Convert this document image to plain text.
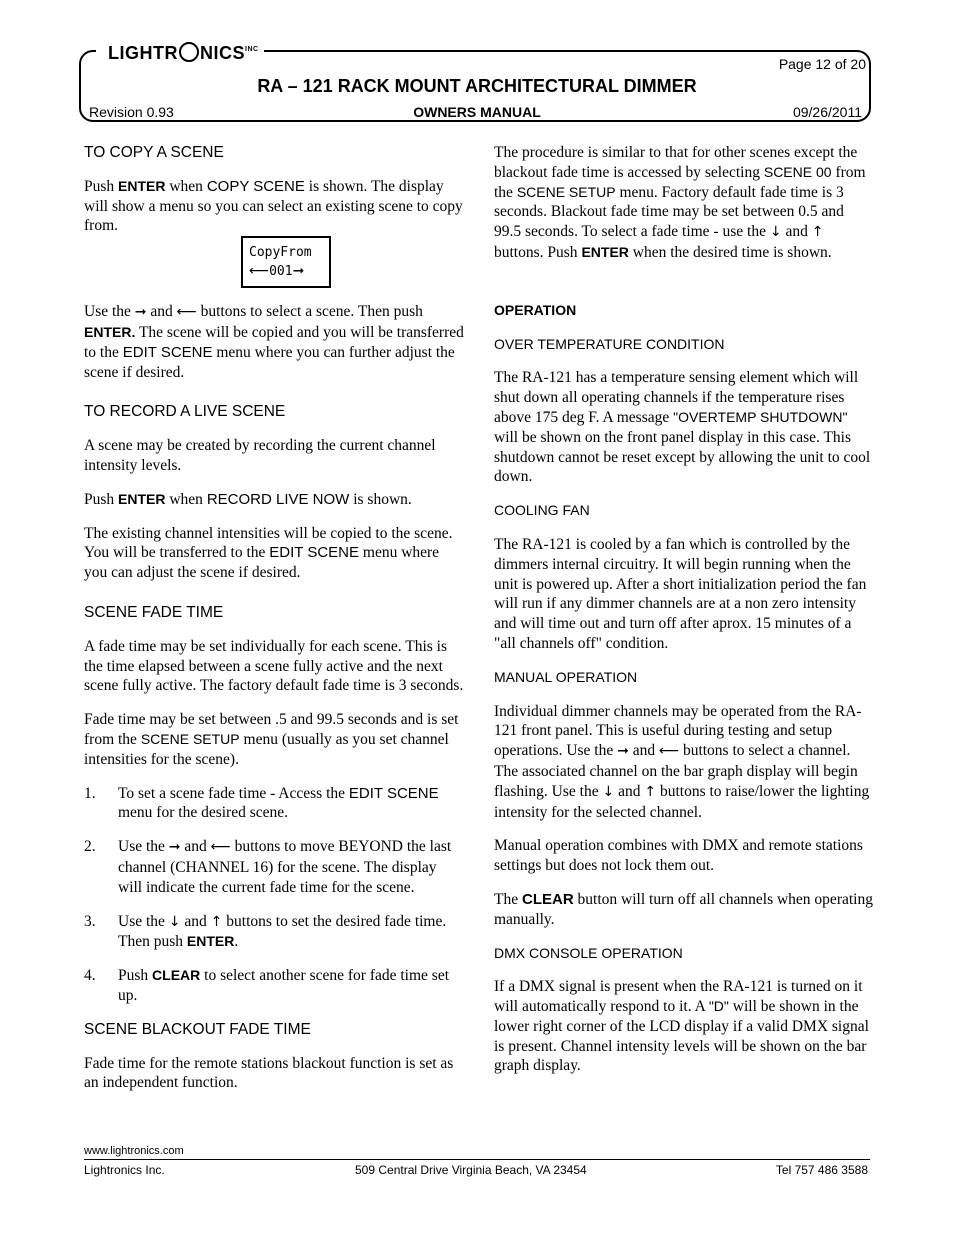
LIGHTR $NICS^{INC}$
Page 12 of 20
RA – 121 RACK MOUNT ARCHITECTURAL DIMMER
Revision 0.93	OWNERS MANUAL	09/26/2011
TO COPY A SCENE

Push ENTER when COPY SCENE is shown. The display will show a menu so you can select an existing scene to copy from.

CopyFrom
⟵001➞

Use the ➞ and ⟵ buttons to select a scene. Then push ENTER. The scene will be copied and you will be transferred to the EDIT SCENE menu where you can further adjust the scene if desired.

TO RECORD A LIVE SCENE

A scene may be created by recording the current channel intensity levels.

Push ENTER when RECORD LIVE NOW is shown.

The existing channel intensities will be copied to the scene. You will be transferred to the EDIT SCENE menu where you can adjust the scene if desired.

SCENE FADE TIME

A fade time may be set individually for each scene. This is the time elapsed between a scene fully active and the next scene fully active. The factory default fade time is 3 seconds.

Fade time may be set between .5 and 99.5 seconds and is set from the SCENE SETUP menu (usually as you set channel intensities for the scene).

1.	To set a scene fade time - Access the EDIT SCENE menu for the desired scene.
2.	Use the ➞ and ⟵ buttons to move BEYOND the last channel (CHANNEL 16) for the scene. The display will indicate the current fade time for the scene.
3.	Use the ↓ and ↑ buttons to set the desired fade time. Then push ENTER.
4.	Push CLEAR to select another scene for fade time set up.
SCENE BLACKOUT FADE TIME

Fade time for the remote stations blackout function is set as an independent function.

The procedure is similar to that for other scenes except the blackout fade time is accessed by selecting SCENE 00 from the SCENE SETUP menu. Factory default fade time is 3 seconds. Blackout fade time may be set between 0.5 and 99.5 seconds. To select a fade time - use the ↓ and ↑ buttons. Push ENTER when the desired time is shown.

OPERATION
OVER TEMPERATURE CONDITION

The RA-121 has a temperature sensing element which will shut down all operating channels if the temperature rises above 175 deg F. A message "OVERTEMP SHUTDOWN" will be shown on the front panel display in this case. This shutdown cannot be reset except by allowing the unit to cool down.

COOLING FAN

The RA-121 is cooled by a fan which is controlled by the dimmers internal circuitry. It will begin running when the unit is powered up. After a short initialization period the fan will run if any dimmer channels are at a non zero intensity and will time out and turn off after aprox. 15 minutes of a "all channels off" condition.

MANUAL OPERATION

Individual dimmer channels may be operated from the RA-121 front panel. This is useful during testing and setup operations. Use the ➞ and ⟵ buttons to select a channel. The associated channel on the bar graph display will begin flashing. Use the ↓ and ↑ buttons to raise/lower the lighting intensity for the selected channel.

Manual operation combines with DMX and remote stations settings but does not lock them out.

The CLEAR button will turn off all channels when operating manually.

DMX CONSOLE OPERATION

If a DMX signal is present when the RA-121 is turned on it will automatically respond to it. A "D" will be shown in the lower right corner of the LCD display if a valid DMX signal is present. Channel intensity levels will be shown on the bar graph display.

www.lightronics.com
Lightronics Inc.	509 Central Drive Virginia Beach, VA 23454	Tel 757 486 3588
